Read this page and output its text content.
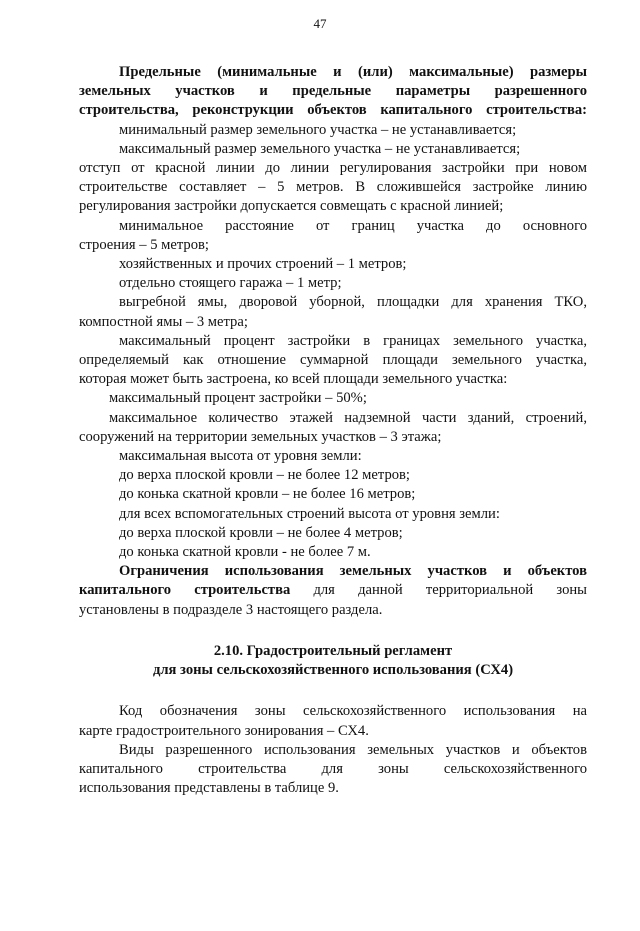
47

Предельные (минимальные и (или) максимальные) размеры

земельных участков и предельные параметры разрешенного

строительства, реконструкции объектов капитального строительства:

минимальный размер земельного участка – не устанавливается;

максимальный размер земельного участка – не устанавливается;

отступ от красной линии до линии регулирования застройки при новом

строительстве составляет – 5 метров. В сложившейся застройке линию

регулирования застройки допускается совмещать с красной линией;

минимальное расстояние от границ участка до основного

строения – 5 метров;

хозяйственных и прочих строений – 1 метров;

отдельно стоящего гаража – 1 метр;

выгребной ямы, дворовой уборной, площадки для хранения ТКО,

компостной ямы – 3 метра;

максимальный процент застройки в границах земельного участка,

определяемый как отношение суммарной площади земельного участка,

которая может быть застроена, ко всей площади земельного участка:

максимальный процент застройки – 50%;

максимальное количество этажей надземной части зданий, строений,

сооружений на территории земельных участков – 3 этажа;

максимальная высота от уровня земли:

до верха плоской кровли – не более 12 метров;

до конька скатной кровли – не более 16 метров;

для всех вспомогательных строений высота от уровня земли:

до верха плоской кровли – не более 4 метров;

до конька скатной кровли - не более 7 м.

Ограничения использования земельных участков и объектов

капитального строительства для данной территориальной зоны

установлены в подразделе 3 настоящего раздела.

2.10. Градостроительный регламент

для зоны сельскохозяйственного использования (СХ4)

Код обозначения зоны сельскохозяйственного использования на

карте градостроительного зонирования – СХ4.

Виды разрешенного использования земельных участков и объектов

капитального строительства для зоны сельскохозяйственного

использования представлены в таблице 9.
